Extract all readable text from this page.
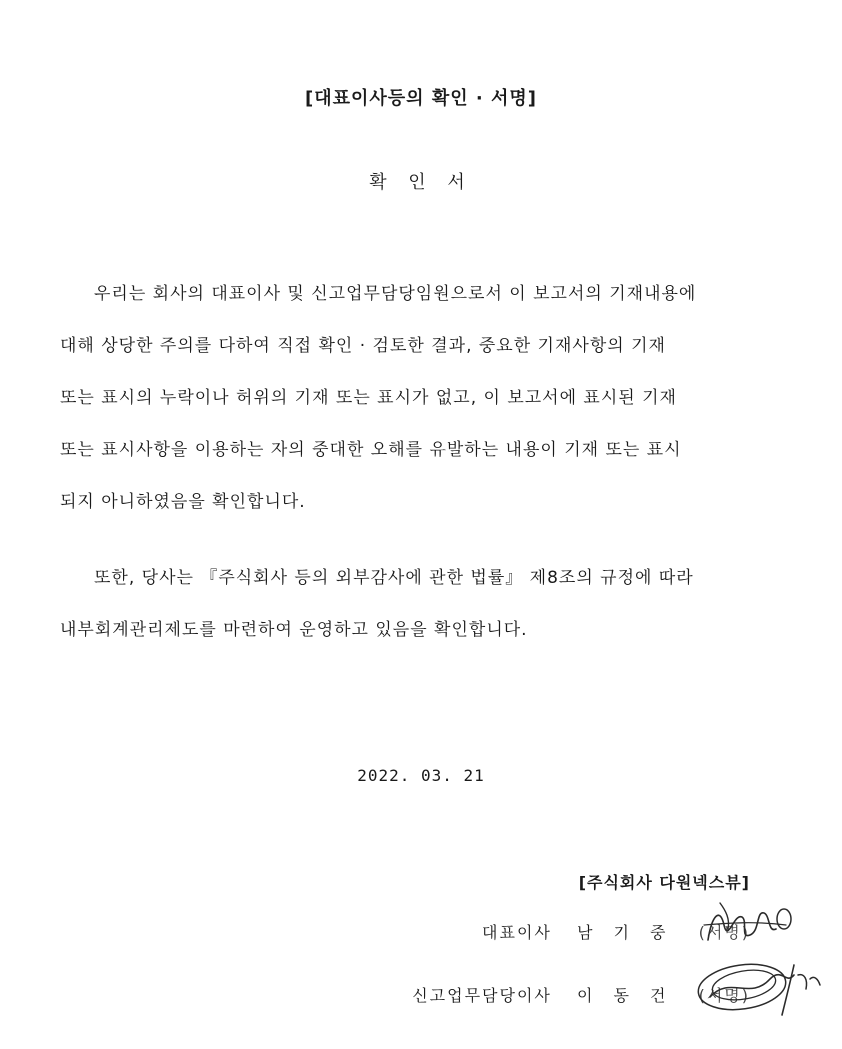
[대표이사등의 확인 · 서명]
확 인 서
우리는 회사의 대표이사 및 신고업무담당임원으로서 이 보고서의 기재내용에
대해 상당한 주의를 다하여 직접 확인 · 검토한 결과, 중요한 기재사항의 기재
또는 표시의 누락이나 허위의 기재 또는 표시가 없고, 이 보고서에 표시된 기재
또는 표시사항을 이용하는 자의 중대한 오해를 유발하는 내용이 기재 또는 표시
되지 아니하였음을 확인합니다.
또한, 당사는 『주식회사 등의 외부감사에 관한 법률』 제8조의 규정에 따라
내부회계관리제도를 마련하여 운영하고 있음을 확인합니다.
2022. 03. 21
[주식회사 다원넥스뷰]
대표이사 남 기 중 (서명)
신고업무담당이사 이 동 건 (서명)
